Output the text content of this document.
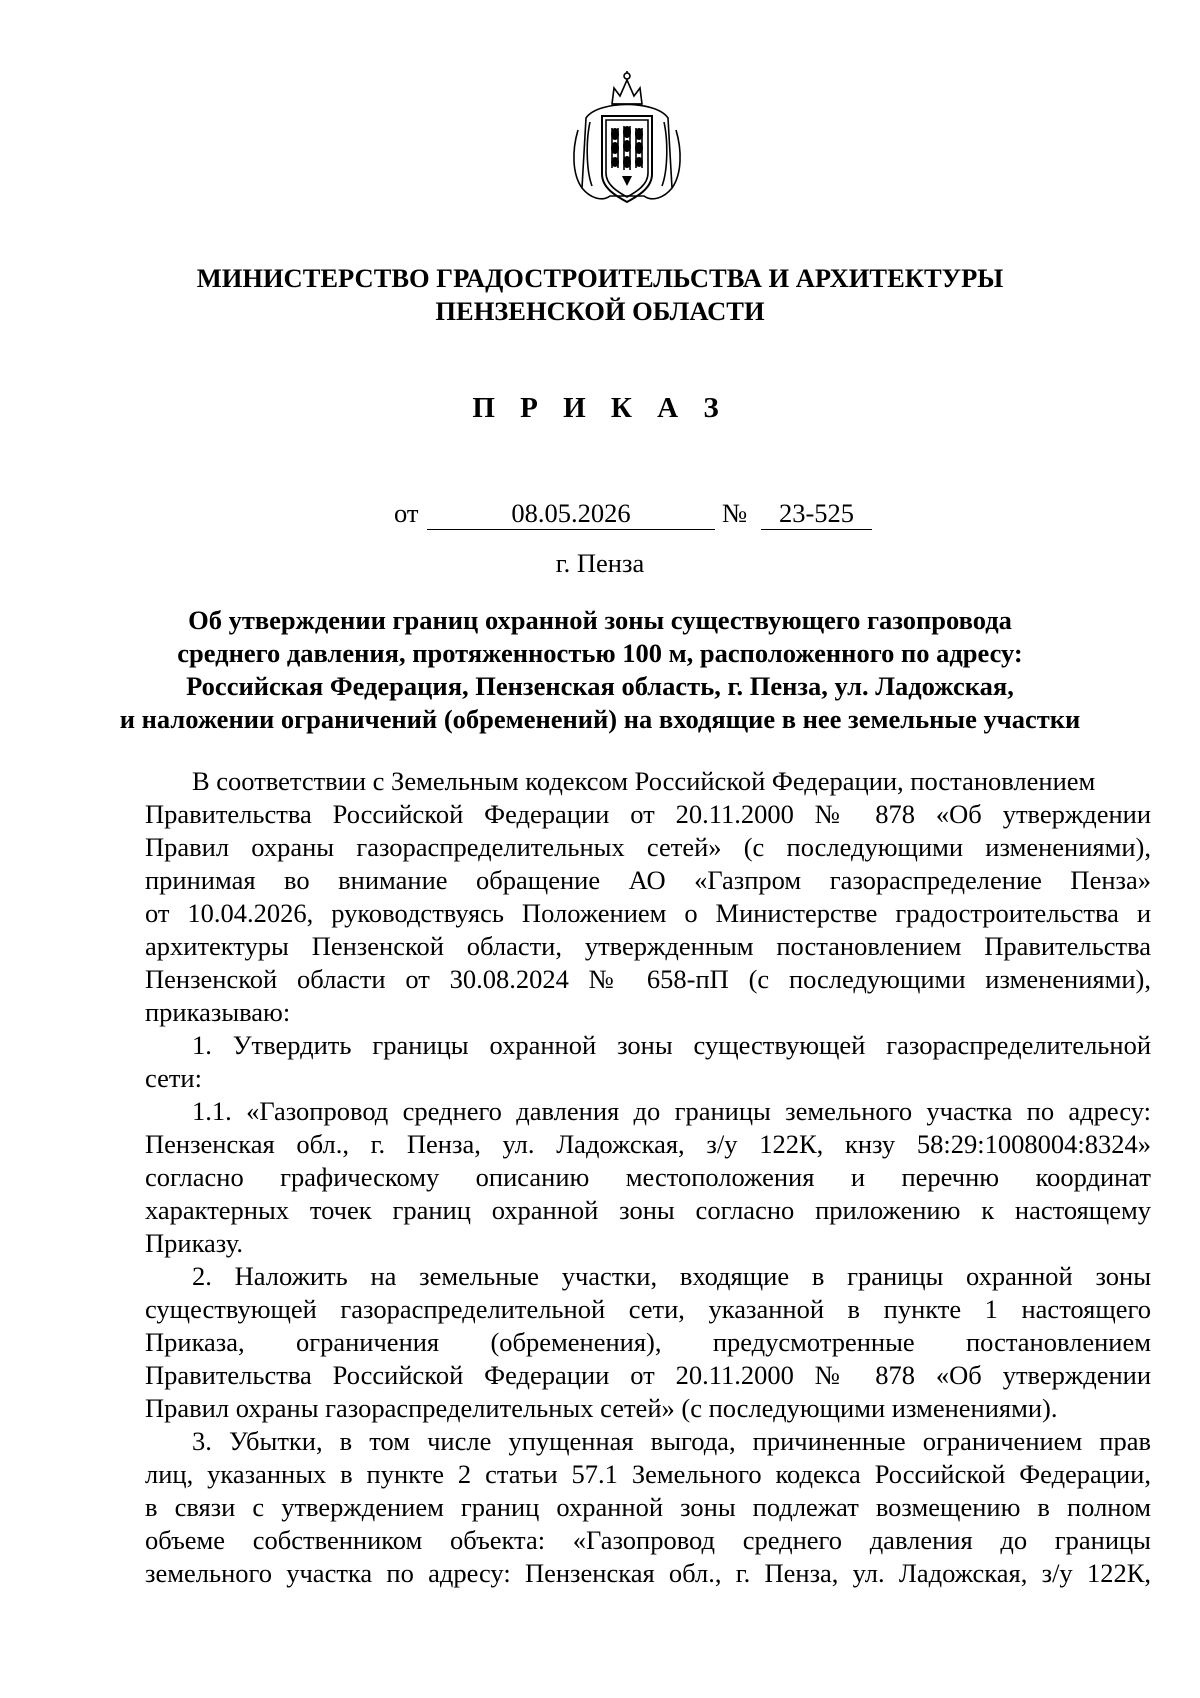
МИНИСТЕРСТВО ГРАДОСТРОИТЕЛЬСТВА И АРХИТЕКТУРЫ
ПЕНЗЕНСКОЙ ОБЛАСТИ
П Р И К А З
от	08.05.2026	№	23-525
г. Пенза
Об утверждении границ охранной зоны существующего газопровода
среднего давления, протяженностью 100 м, расположенного по адресу:
Российская Федерация, Пензенская область, г. Пенза, ул. Ладожская,
и наложении ограничений (обременений) на входящие в нее земельные участки
В соответствии с Земельным кодексом Российской Федерации, постановлением
Правительства Российской Федерации от 20.11.2000 № 878 «Об утверждении
Правил охраны газораспределительных сетей» (с последующими изменениями),
принимая во внимание обращение АО «Газпром газораспределение Пенза»
от 10.04.2026, руководствуясь Положением о Министерстве градостроительства и
архитектуры Пензенской области, утвержденным постановлением Правительства
Пензенской области от 30.08.2024 № 658-пП (с последующими изменениями),
приказываю:
1. Утвердить границы охранной зоны существующей газораспределительной
сети:
1.1. «Газопровод среднего давления до границы земельного участка по адресу:
Пензенская обл., г. Пенза, ул. Ладожская, з/у 122К, кнзу 58:29:1008004:8324»
согласно графическому описанию местоположения и перечню координат
характерных точек границ охранной зоны согласно приложению к настоящему
Приказу.
2. Наложить на земельные участки, входящие в границы охранной зоны
существующей газораспределительной сети, указанной в пункте 1 настоящего
Приказа, ограничения (обременения), предусмотренные постановлением
Правительства Российской Федерации от 20.11.2000 № 878 «Об утверждении
Правил охраны газораспределительных сетей» (с последующими изменениями).
3. Убытки, в том числе упущенная выгода, причиненные ограничением прав
лиц, указанных в пункте 2 статьи 57.1 Земельного кодекса Российской Федерации,
в связи с утверждением границ охранной зоны подлежат возмещению в полном
объеме собственником объекта: «Газопровод среднего давления до границы
земельного участка по адресу: Пензенская обл., г. Пенза, ул. Ладожская, з/у 122К,
